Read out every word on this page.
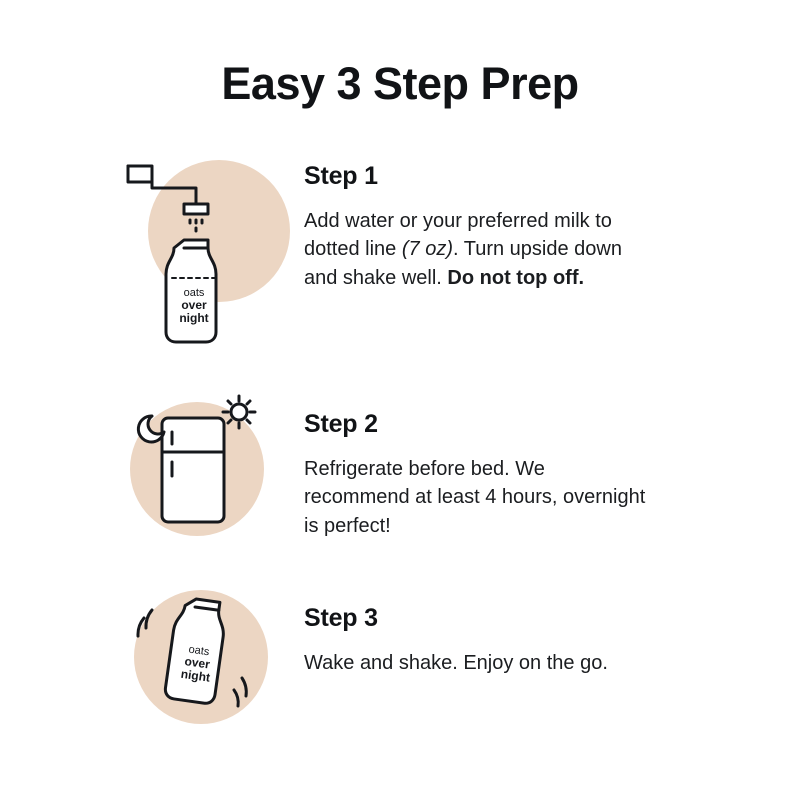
Easy 3 Step Prep
oats
over
night
Step 1

Add water or your preferred milk to dotted line (7 oz). Turn upside down and shake well. Do not top off.

Step 2

Refrigerate before bed. We recommend at least 4 hours, overnight is perfect!

oats
over
night
Step 3

Wake and shake. Enjoy on the go.
